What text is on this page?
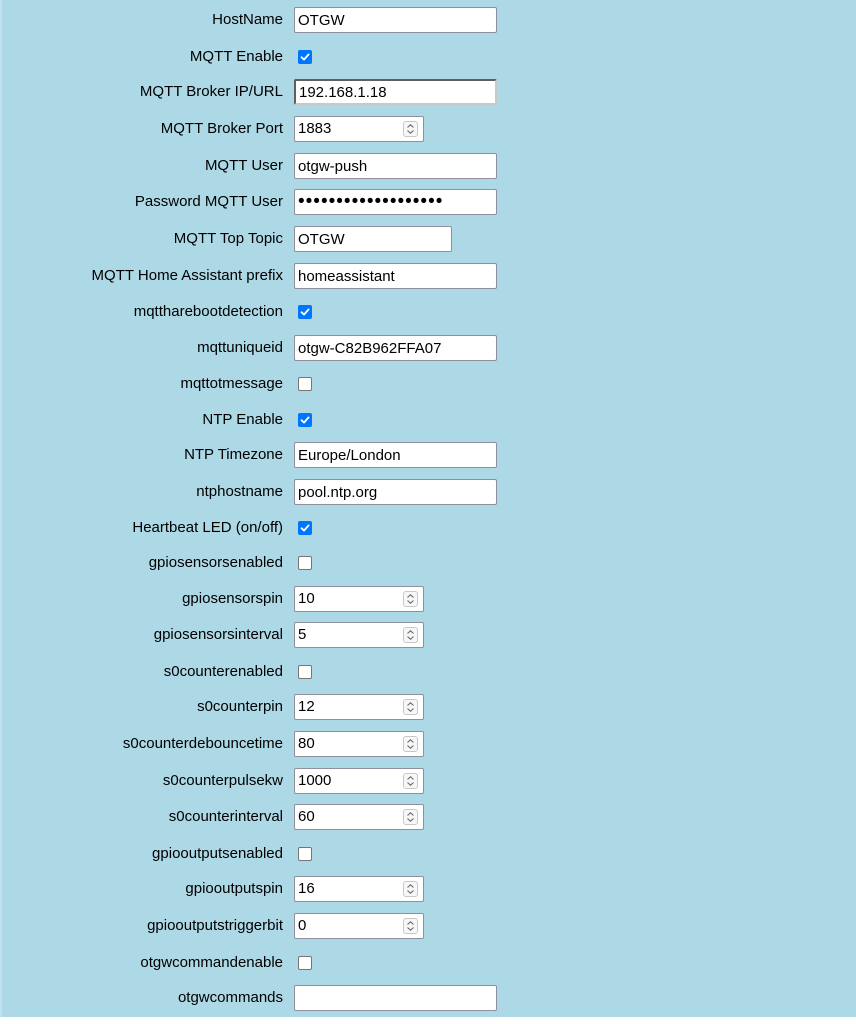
HostName
OTGW
MQTT Enable
MQTT Broker IP/URL
192.168.1.18
MQTT Broker Port 1883
MQTT User
otgw-push
Password MQTT User
•••••••••••••••••••
MQTT Top Topic
OTGW
MQTT Home Assistant prefix
homeassistant
mqttharebootdetection
mqttuniqueid
otgw-C82B962FFA07
mqttotmessage
NTP Enable
NTP Timezone
Europe/London
ntphostname
pool.ntp.org
Heartbeat LED (on/off)
gpiosensorsenabled
gpiosensorspin 10
gpiosensorsinterval 5
s0counterenabled
s0counterpin 12
s0counterdebouncetime 80
s0counterpulsekw 1000
s0counterinterval 60
gpiooutputsenabled
gpiooutputspin 16
gpiooutputstriggerbit 0
otgwcommandenable
otgwcommands
